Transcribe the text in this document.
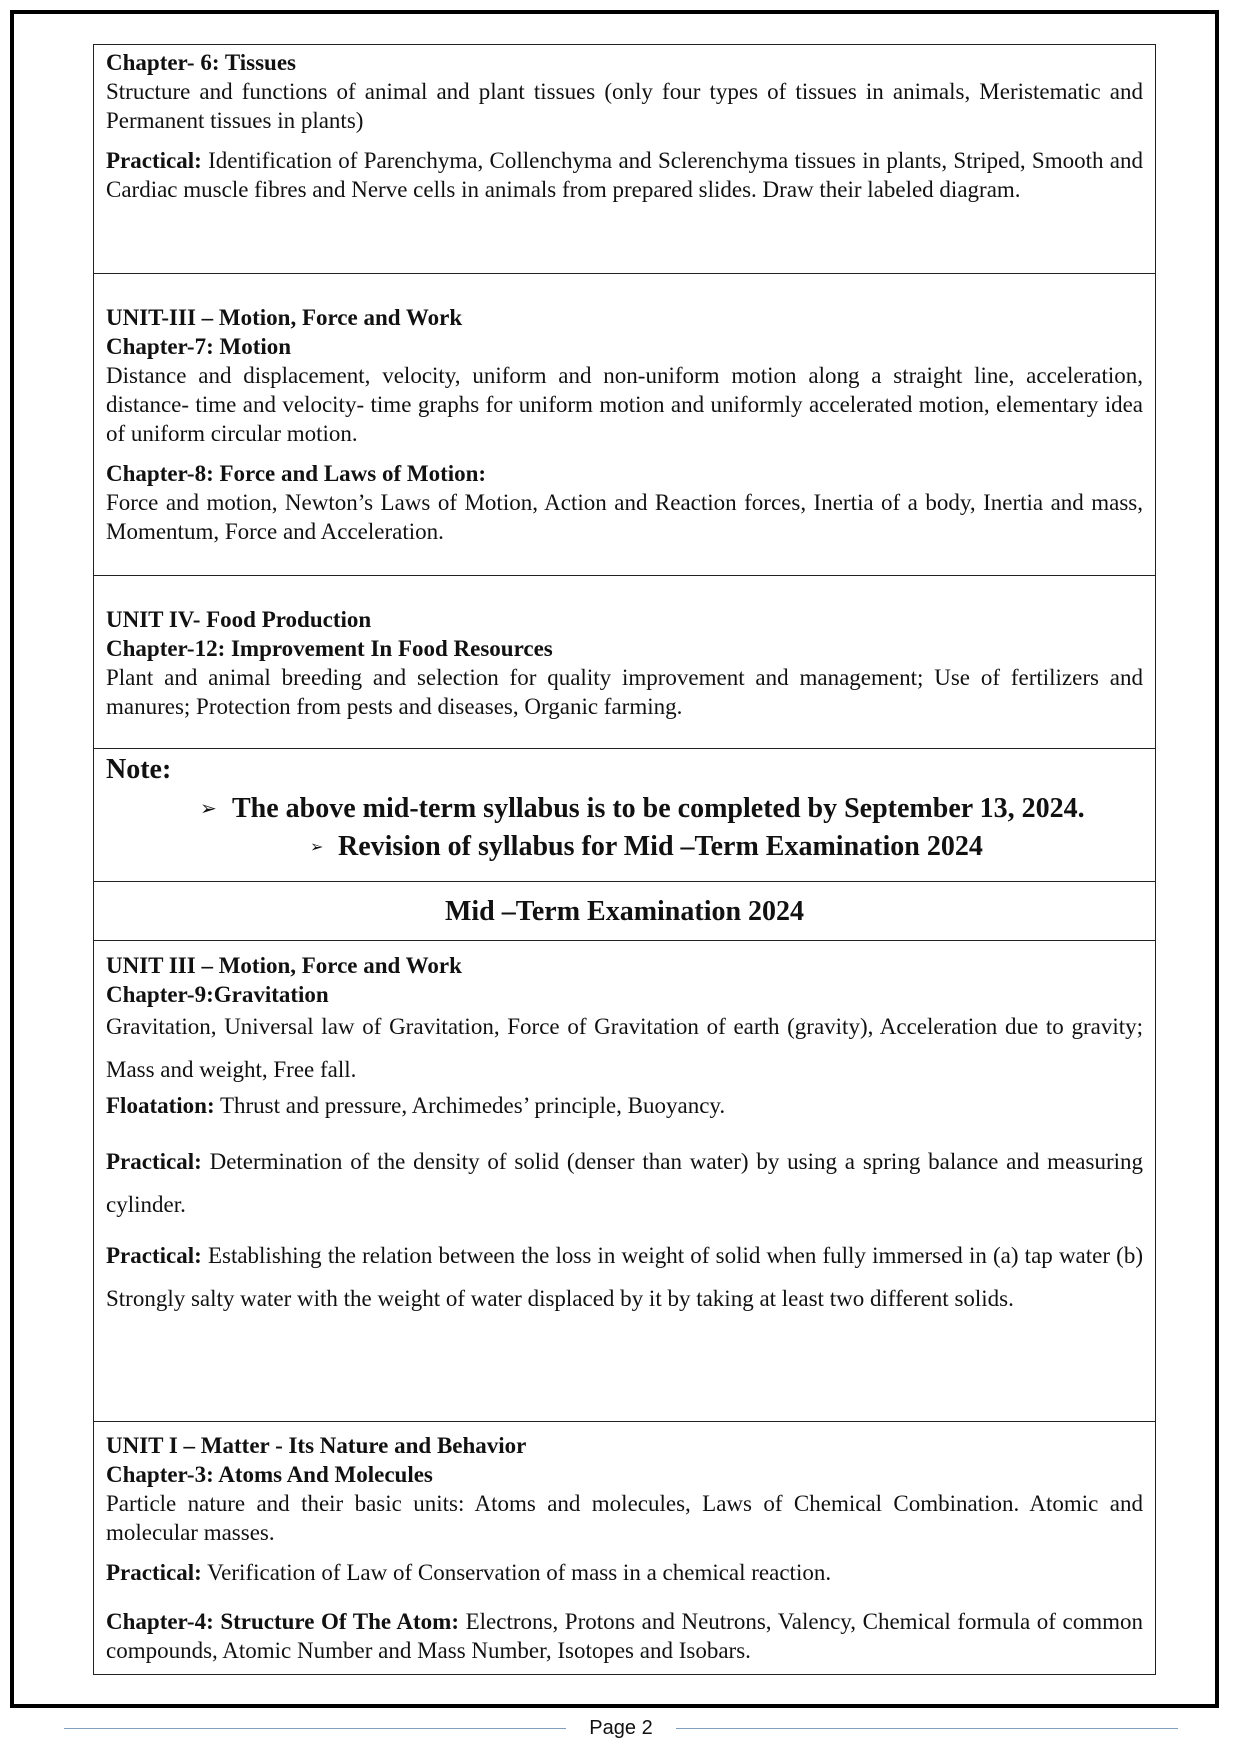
Chapter- 6: Tissues

Structure and functions of animal and plant tissues (only four types of tissues in animals, Meristematic and Permanent tissues in plants)

Practical: Identification of Parenchyma, Collenchyma and Sclerenchyma tissues in plants, Striped, Smooth and Cardiac muscle fibres and Nerve cells in animals from prepared slides. Draw their labeled diagram.

UNIT-III – Motion, Force and Work

Chapter-7: Motion

Distance and displacement, velocity, uniform and non-uniform motion along a straight line, acceleration, distance- time and velocity- time graphs for uniform motion and uniformly accelerated motion, elementary idea of uniform circular motion.

Chapter-8: Force and Laws of Motion:

Force and motion, Newton’s Laws of Motion, Action and Reaction forces, Inertia of a body, Inertia and mass, Momentum, Force and Acceleration.

UNIT IV- Food Production

Chapter-12: Improvement In Food Resources

Plant and animal breeding and selection for quality improvement and management; Use of fertilizers and manures; Protection from pests and diseases, Organic farming.

Note:

➢ The above mid-term syllabus is to be completed by September 13, 2024.

➢ Revision of syllabus for Mid –Term Examination 2024

Mid –Term Examination 2024

UNIT III – Motion, Force and Work

Chapter-9:Gravitation

Gravitation, Universal law of Gravitation, Force of Gravitation of earth (gravity), Acceleration due to gravity; Mass and weight, Free fall.

Floatation: Thrust and pressure, Archimedes’ principle, Buoyancy.

Practical: Determination of the density of solid (denser than water) by using a spring balance and measuring cylinder.

Practical: Establishing the relation between the loss in weight of solid when fully immersed in (a) tap water (b) Strongly salty water with the weight of water displaced by it by taking at least two different solids.

UNIT I – Matter - Its Nature and Behavior

Chapter-3: Atoms And Molecules

Particle nature and their basic units: Atoms and molecules, Laws of Chemical Combination. Atomic and molecular masses.

Practical: Verification of Law of Conservation of mass in a chemical reaction.

Chapter-4: Structure Of The Atom: Electrons, Protons and Neutrons, Valency, Chemical formula of common compounds, Atomic Number and Mass Number, Isotopes and Isobars.

Page 2
